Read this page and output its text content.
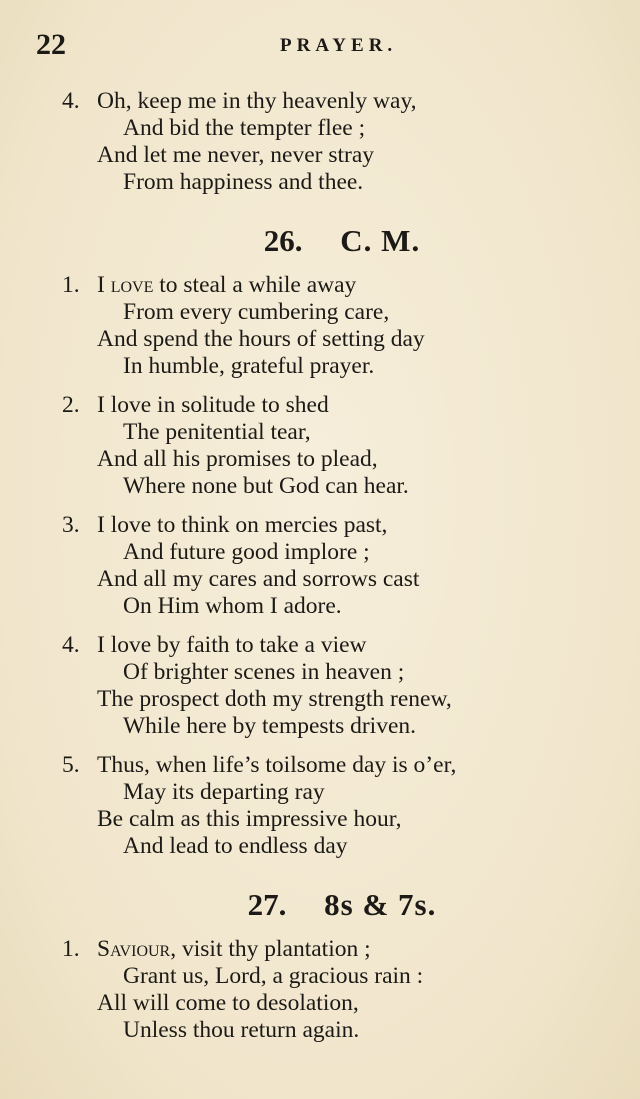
22	PRAYER.
4. Oh, keep me in thy heavenly way,
And bid the tempter flee ;
And let me never, never stray
From happiness and thee.
26. C. M.
1. I love to steal a while away
From every cumbering care,
And spend the hours of setting day
In humble, grateful prayer.
2. I love in solitude to shed
The penitential tear,
And all his promises to plead,
Where none but God can hear.
3. I love to think on mercies past,
And future good implore ;
And all my cares and sorrows cast
On Him whom I adore.
4. I love by faith to take a view
Of brighter scenes in heaven ;
The prospect doth my strength renew,
While here by tempests driven.
5. Thus, when life’s toilsome day is o’er,
May its departing ray
Be calm as this impressive hour,
And lead to endless day
27. 8s & 7s.
1. Saviour, visit thy plantation ;
Grant us, Lord, a gracious rain :
All will come to desolation,
Unless thou return again.
